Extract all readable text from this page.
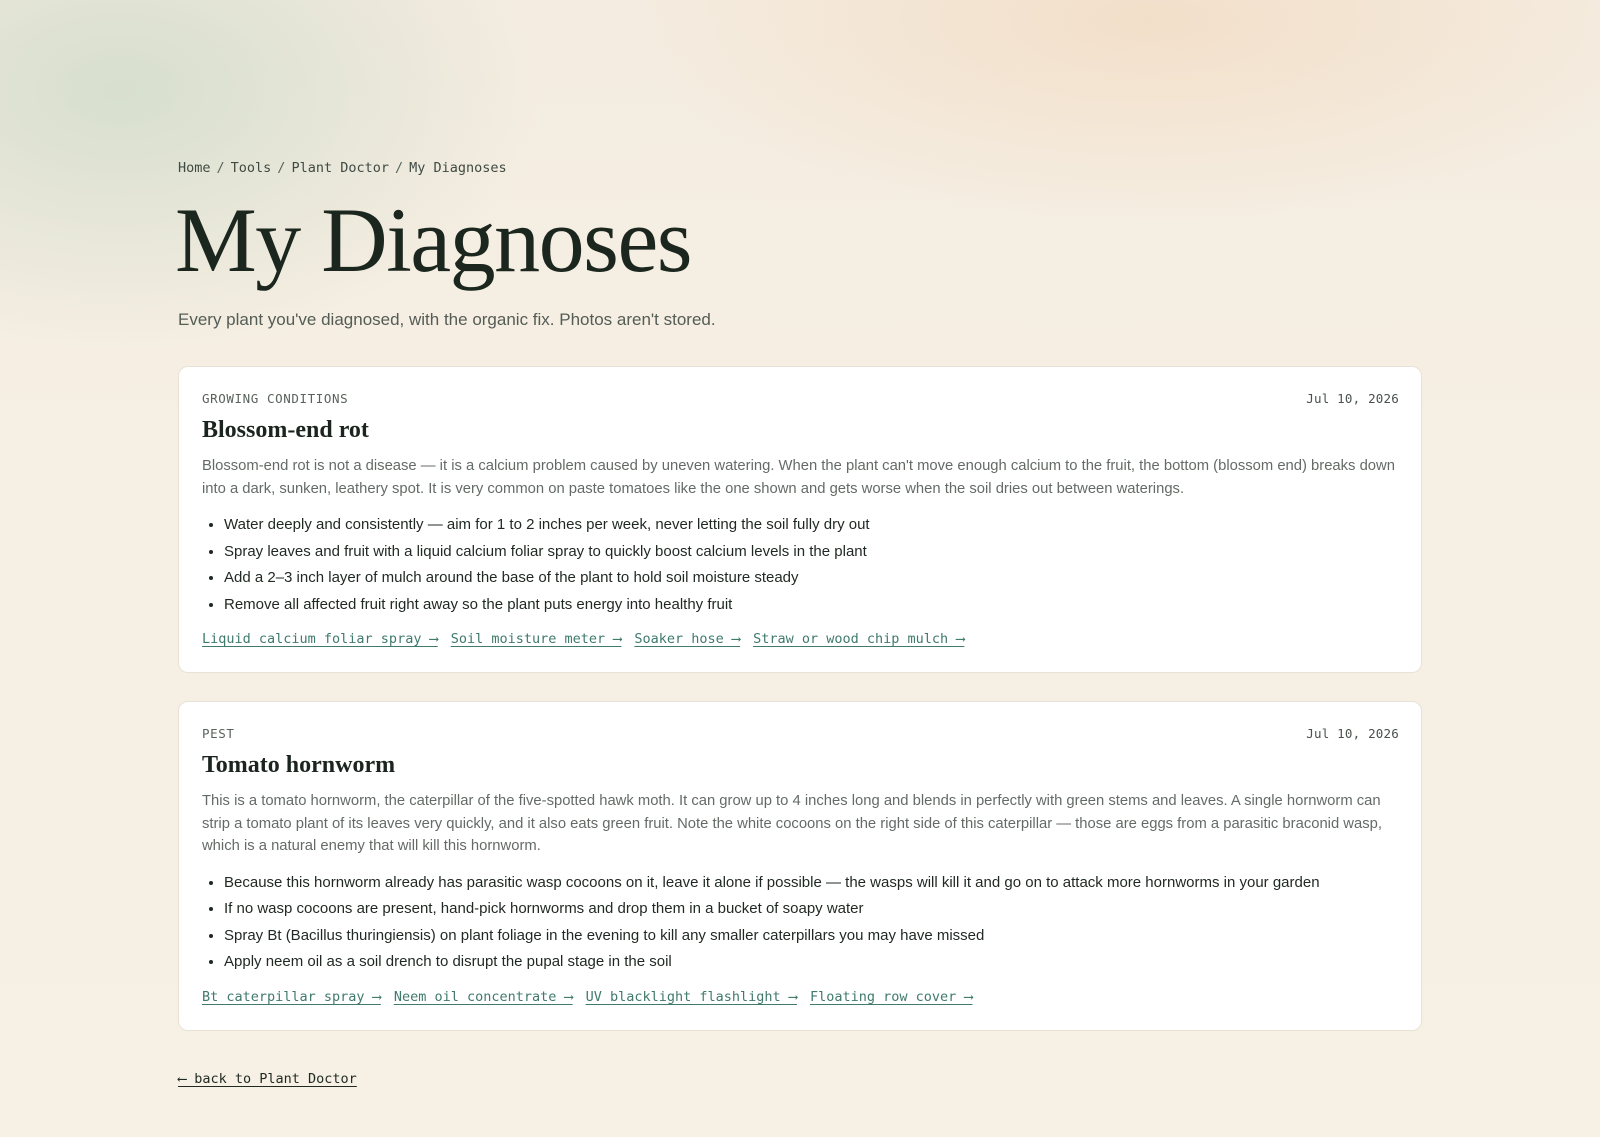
Home / Tools / Plant Doctor / My Diagnoses
My Diagnoses
Every plant you've diagnosed, with the organic fix. Photos aren't stored.
GROWING CONDITIONS	Jul 10, 2026
Blossom-end rot

Blossom-end rot is not a disease — it is a calcium problem caused by uneven watering. When the plant can't move enough calcium to the fruit, the bottom (blossom end) breaks down into a dark, sunken, leathery spot. It is very common on paste tomatoes like the one shown and gets worse when the soil dries out between waterings.

• Water deeply and consistently — aim for 1 to 2 inches per week, never letting the soil fully dry out
• Spray leaves and fruit with a liquid calcium foliar spray to quickly boost calcium levels in the plant
• Add a 2–3 inch layer of mulch around the base of the plant to hold soil moisture steady
• Remove all affected fruit right away so the plant puts energy into healthy fruit
Liquid calcium foliar spray ⟶ Soil moisture meter ⟶ Soaker hose ⟶ Straw or wood chip mulch ⟶
PEST	Jul 10, 2026
Tomato hornworm

This is a tomato hornworm, the caterpillar of the five-spotted hawk moth. It can grow up to 4 inches long and blends in perfectly with green stems and leaves. A single hornworm can strip a tomato plant of its leaves very quickly, and it also eats green fruit. Note the white cocoons on the right side of this caterpillar — those are eggs from a parasitic braconid wasp, which is a natural enemy that will kill this hornworm.

• Because this hornworm already has parasitic wasp cocoons on it, leave it alone if possible — the wasps will kill it and go on to attack more hornworms in your garden
• If no wasp cocoons are present, hand-pick hornworms and drop them in a bucket of soapy water
• Spray Bt (Bacillus thuringiensis) on plant foliage in the evening to kill any smaller caterpillars you may have missed
• Apply neem oil as a soil drench to disrupt the pupal stage in the soil
Bt caterpillar spray ⟶ Neem oil concentrate ⟶ UV blacklight flashlight ⟶ Floating row cover ⟶
⟵ back to Plant Doctor
